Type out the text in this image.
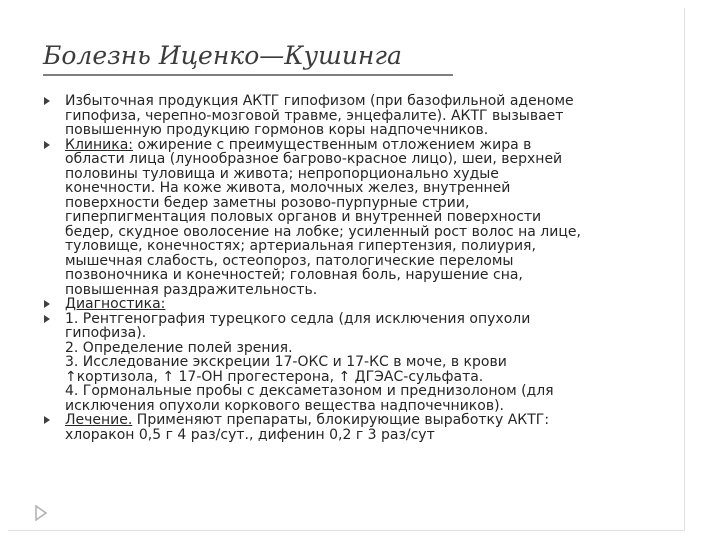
Болезнь Иценко—Кушинга
Избыточная продукция АКТГ гипофизом (при базофильной аденоме
гипофиза, черепно-мозговой травме, энцефалите). АКТГ вызывает
повышенную продукцию гормонов коры надпочечников.
Клиника: ожирение с преимущественным отложением жира в
области лица (лунообразное багрово-красное лицо), шеи, верхней
половины туловища и живота; непропорционально худые
конечности. На коже живота, молочных желез, внутренней
поверхности бедер заметны розово-пурпурные стрии,
гиперпигментация половых органов и внутренней поверхности
бедер, скудное оволосение на лобке; усиленный рост волос на лице,
туловище, конечностях; артериальная гипертензия, полиурия,
мышечная слабость, остеопороз, патологические переломы
позвоночника и конечностей; головная боль, нарушение сна,
повышенная раздражительность.
Диагностика:
1. Рентгенография турецкого седла (для исключения опухоли
гипофиза).
2. Определение полей зрения.
3. Исследование экскреции 17-ОКС и 17-КС в моче, в крови
↑кортизола, ↑ 17-ОН прогестерона, ↑ ДГЭАС-сульфата.
4. Гормональные пробы с дексаметазоном и преднизолоном (для
исключения опухоли коркового вещества надпочечников).
Лечение. Применяют препараты, блокирующие выработку АКТГ:
хлоракон 0,5 г 4 раз/сут., дифенин 0,2 г 3 раз/сут
